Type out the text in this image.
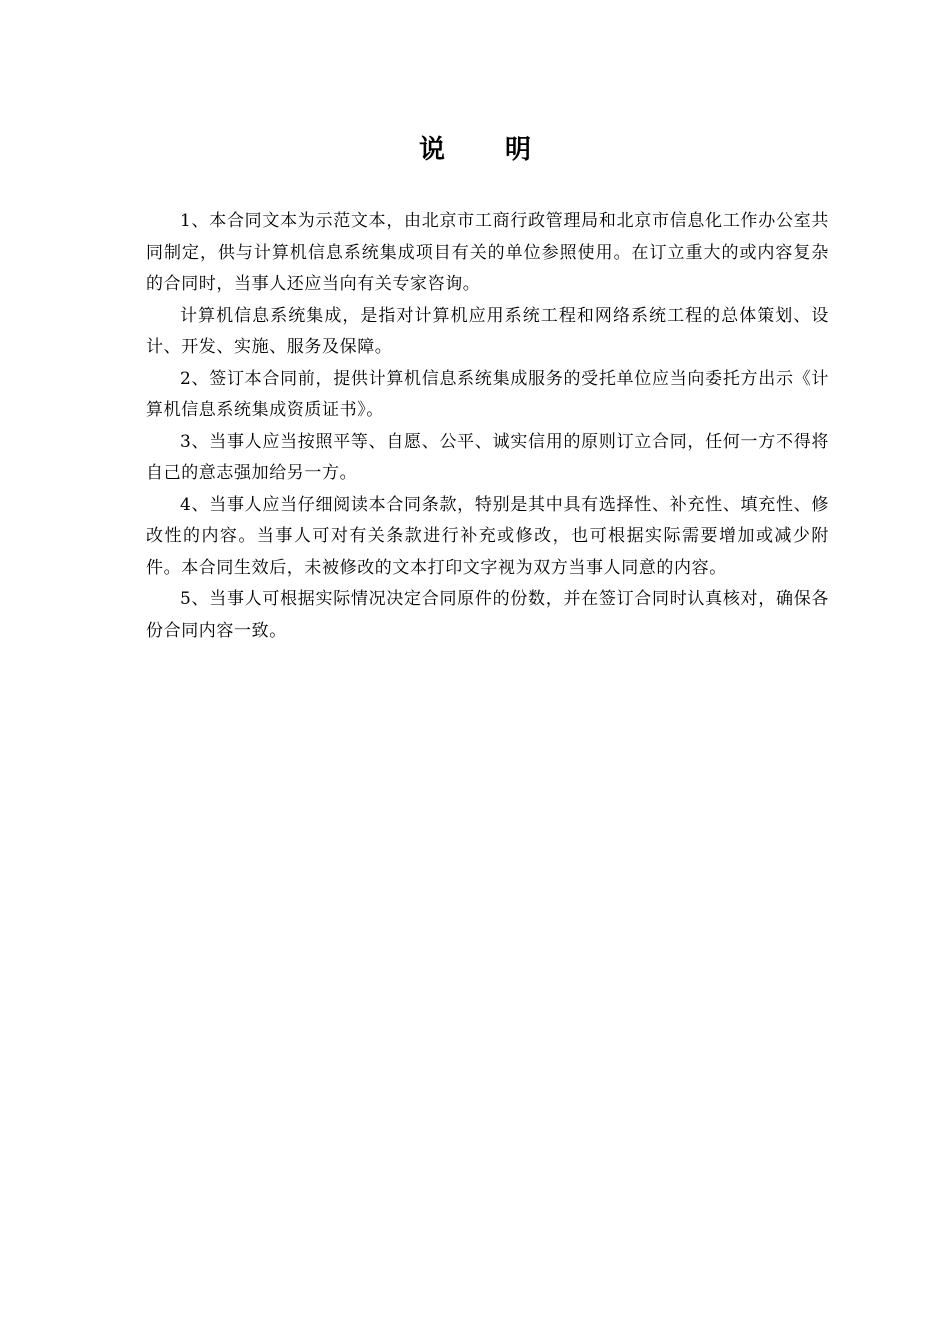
说明

1、本合同文本为示范文本，由北京市工商行政管理局和北京市信息化工作办公室共同制定，供与计算机信息系统集成项目有关的单位参照使用。在订立重大的或内容复杂的合同时，当事人还应当向有关专家咨询。

计算机信息系统集成，是指对计算机应用系统工程和网络系统工程的总体策划、设计、开发、实施、服务及保障。

2、签订本合同前，提供计算机信息系统集成服务的受托单位应当向委托方出示《计算机信息系统集成资质证书》。

3、当事人应当按照平等、自愿、公平、诚实信用的原则订立合同，任何一方不得将自己的意志强加给另一方。

4、当事人应当仔细阅读本合同条款，特别是其中具有选择性、补充性、填充性、修改性的内容。当事人可对有关条款进行补充或修改，也可根据实际需要增加或减少附件。本合同生效后，未被修改的文本打印文字视为双方当事人同意的内容。

5、当事人可根据实际情况决定合同原件的份数，并在签订合同时认真核对，确保各份合同内容一致。
